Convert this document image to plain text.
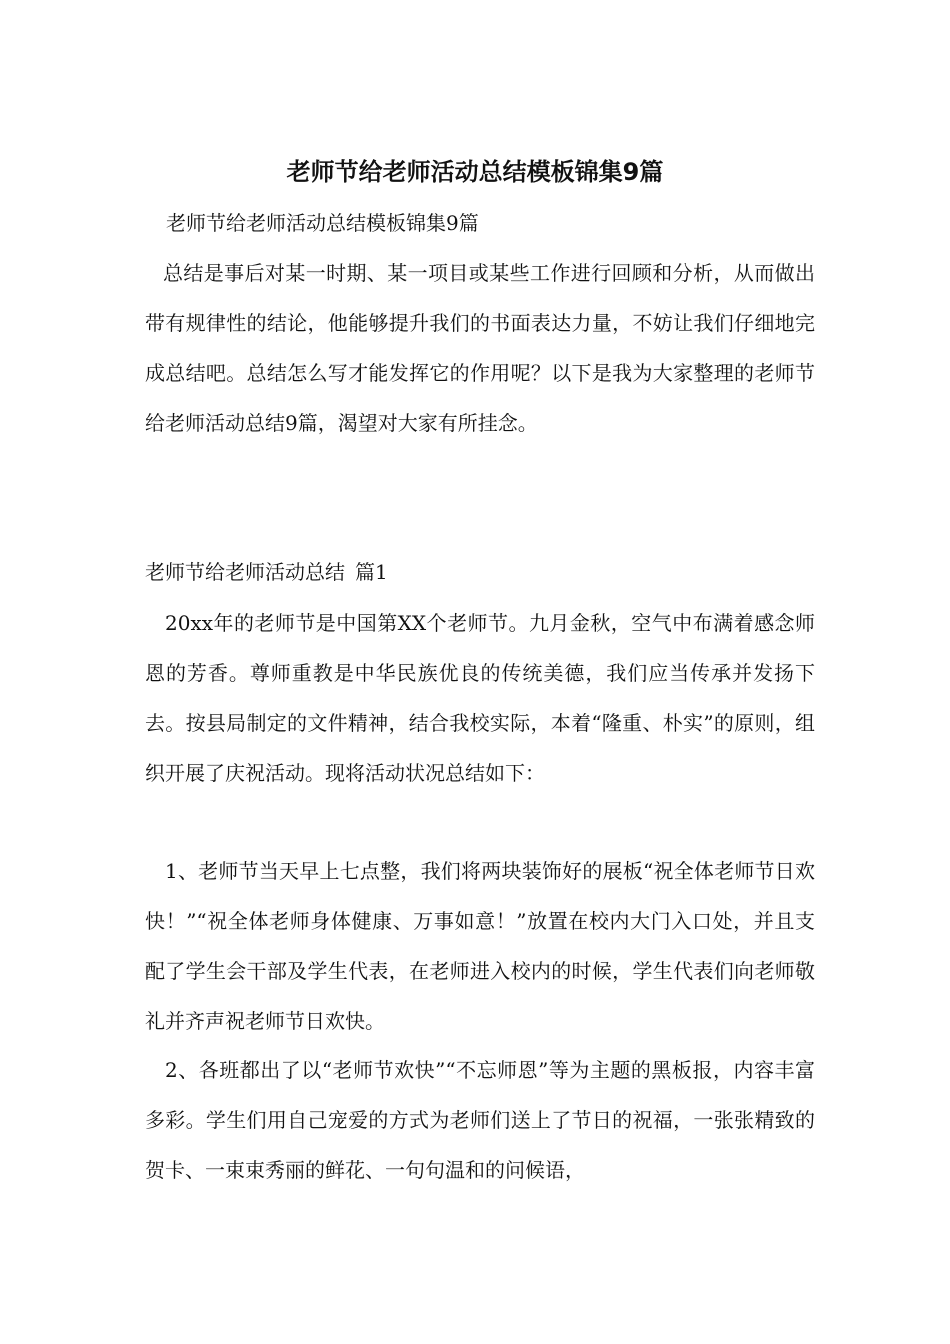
老师节给老师活动总结模板锦集9篇

老师节给老师活动总结模板锦集9篇

总结是事后对某一时期、某一项目或某些工作进行回顾和分析，从而做出带有规律性的结论，他能够提升我们的书面表达力量，不妨让我们仔细地完成总结吧。总结怎么写才能发挥它的作用呢？以下是我为大家整理的老师节给老师活动总结9篇，渴望对大家有所挂念。

老师节给老师活动总结 篇1

20xx年的老师节是中国第XX个老师节。九月金秋，空气中布满着感念师恩的芳香。尊师重教是中华民族优良的传统美德，我们应当传承并发扬下去。按县局制定的文件精神，结合我校实际，本着“隆重、朴实”的原则，组织开展了庆祝活动。现将活动状况总结如下：

1、老师节当天早上七点整，我们将两块装饰好的展板“祝全体老师节日欢快！”“祝全体老师身体健康、万事如意！”放置在校内大门入口处，并且支配了学生会干部及学生代表，在老师进入校内的时候，学生代表们向老师敬礼并齐声祝老师节日欢快。

2、各班都出了以“老师节欢快”“不忘师恩”等为主题的黑板报，内容丰富多彩。学生们用自己宠爱的方式为老师们送上了节日的祝福，一张张精致的贺卡、一束束秀丽的鲜花、一句句温和的问候语，
